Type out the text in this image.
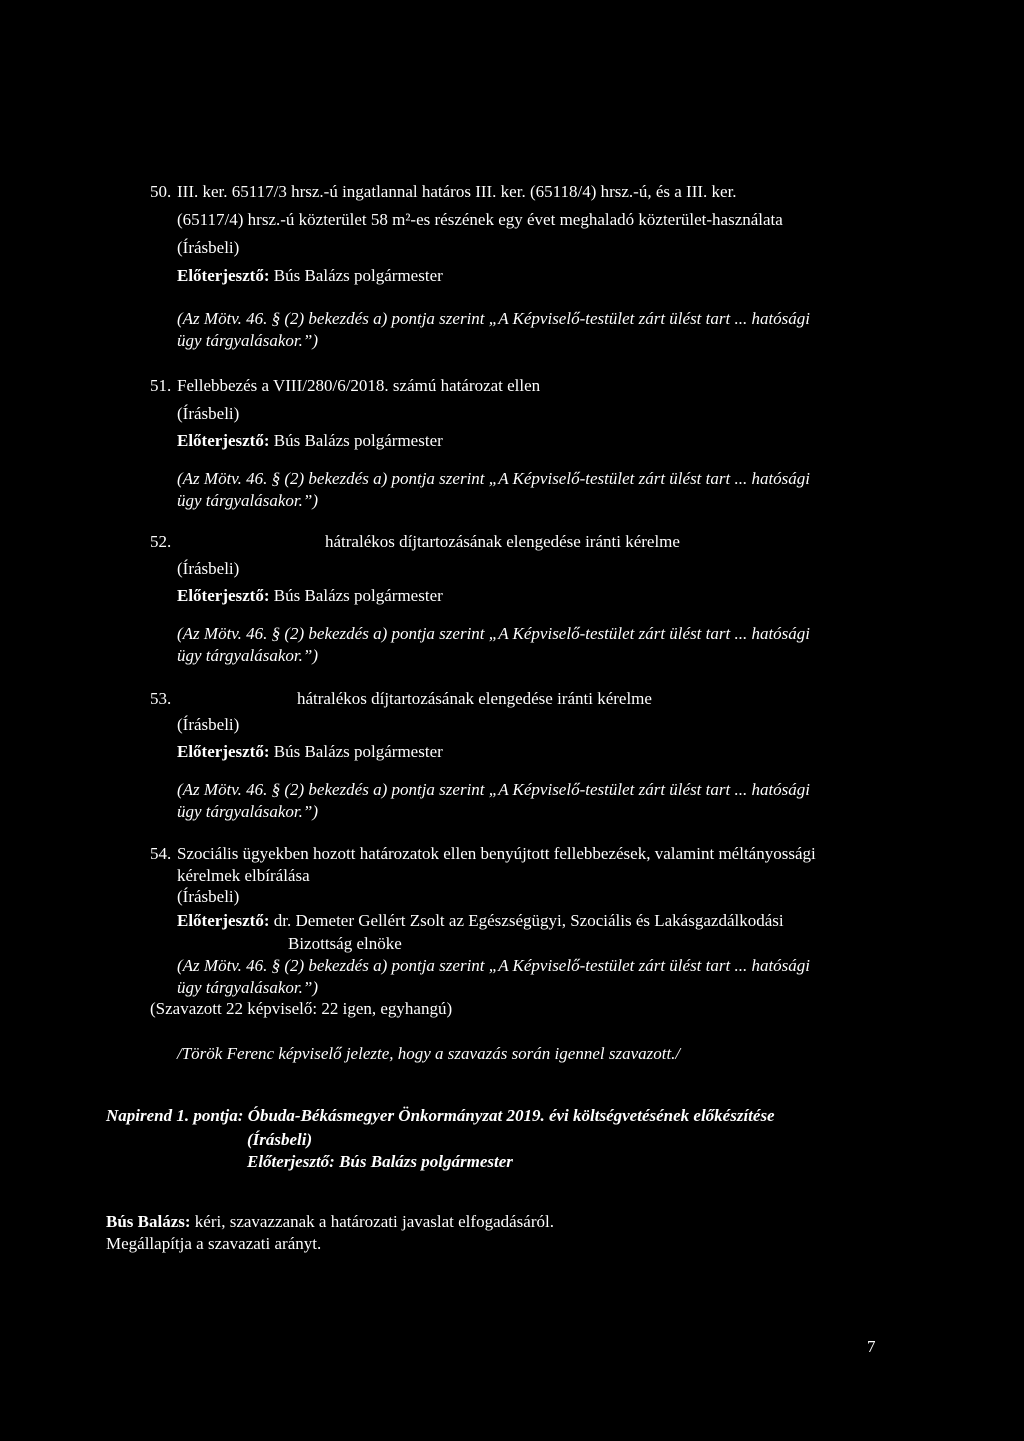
50. III. ker. 65117/3 hrsz.-ú ingatlannal határos III. ker. (65118/4) hrsz.-ú, és a III. ker.
(65117/4) hrsz.-ú közterület 58 m²-es részének egy évet meghaladó közterület-használata
(Írásbeli)
Előterjesztő: Bús Balázs polgármester
(Az Mötv. 46. § (2) bekezdés a) pontja szerint „A Képviselő-testület zárt ülést tart ... hatósági
ügy tárgyalásakor.”)
51. Fellebbezés a VIII/280/6/2018. számú határozat ellen
(Írásbeli)
Előterjesztő: Bús Balázs polgármester
(Az Mötv. 46. § (2) bekezdés a) pontja szerint „A Képviselő-testület zárt ülést tart ... hatósági
ügy tárgyalásakor.”)
52.	hátralékos díjtartozásának elengedése iránti kérelme
(Írásbeli)
Előterjesztő: Bús Balázs polgármester
(Az Mötv. 46. § (2) bekezdés a) pontja szerint „A Képviselő-testület zárt ülést tart ... hatósági
ügy tárgyalásakor.”)
53.	hátralékos díjtartozásának elengedése iránti kérelme
(Írásbeli)
Előterjesztő: Bús Balázs polgármester
(Az Mötv. 46. § (2) bekezdés a) pontja szerint „A Képviselő-testület zárt ülést tart ... hatósági
ügy tárgyalásakor.”)
54. Szociális ügyekben hozott határozatok ellen benyújtott fellebbezések, valamint méltányossági
kérelmek elbírálása
(Írásbeli)
Előterjesztő: dr. Demeter Gellért Zsolt az Egészségügyi, Szociális és Lakásgazdálkodási
Bizottság elnöke
(Az Mötv. 46. § (2) bekezdés a) pontja szerint „A Képviselő-testület zárt ülést tart ... hatósági
ügy tárgyalásakor.”)
(Szavazott 22 képviselő: 22 igen, egyhangú)
/Török Ferenc képviselő jelezte, hogy a szavazás során igennel szavazott./
Napirend 1. pontja: Óbuda-Békásmegyer Önkormányzat 2019. évi költségvetésének előkészítése
(Írásbeli)
Előterjesztő: Bús Balázs polgármester
Bús Balázs: kéri, szavazzanak a határozati javaslat elfogadásáról.
Megállapítja a szavazati arányt.
7
